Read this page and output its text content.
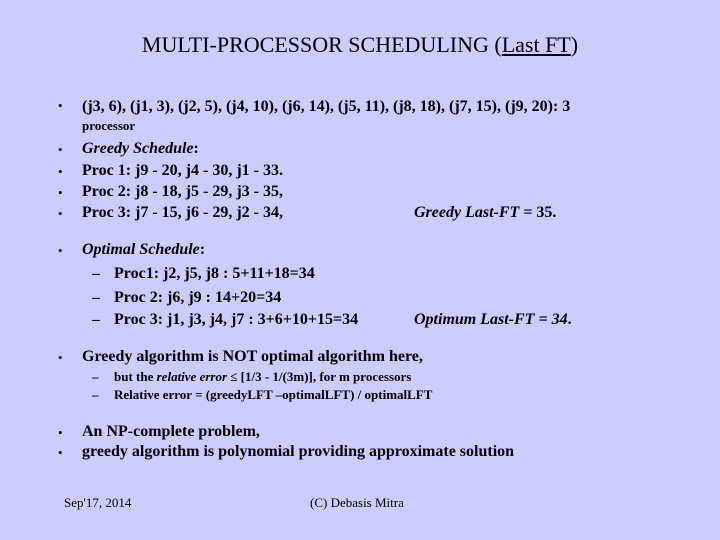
MULTI-PROCESSOR SCHEDULING (Last FT)
• (j3, 6), (j1, 3), (j2, 5), (j4, 10), (j6, 14), (j5, 11), (j8, 18), (j7, 15), (j9, 20): 3
processor
• Greedy Schedule:
• Proc 1: j9 - 20, j4 - 30, j1 - 33.
• Proc 2: j8 - 18, j5 - 29, j3 - 35,
• Proc 3: j7 - 15, j6 - 29, j2 - 34,	Greedy Last-FT = 35.
• Optimal Schedule:
– Proc1: j2, j5, j8 : 5+11+18=34
– Proc 2: j6, j9 : 14+20=34
– Proc 3: j1, j3, j4, j7 : 3+6+10+15=34	Optimum Last-FT = 34.
• Greedy algorithm is NOT optimal algorithm here,
– but the relative error ≤ [1/3 - 1/(3m)], for m processors
– Relative error = (greedyLFT –optimalLFT) / optimalLFT
• An NP-complete problem,
• greedy algorithm is polynomial providing approximate solution
Sep'17, 2014	(C) Debasis Mitra
